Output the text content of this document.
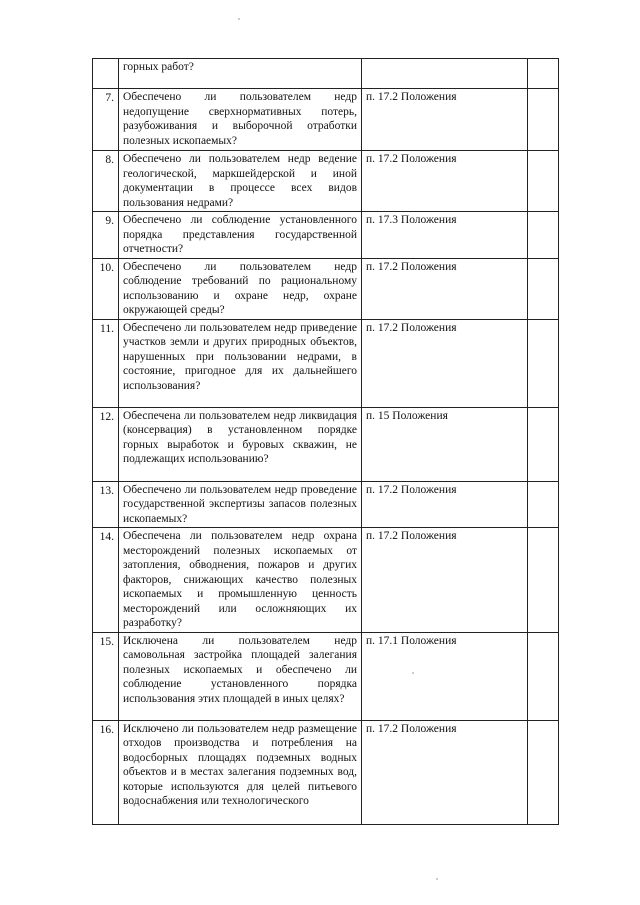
	горных работ?			
7.	Обеспечено ли пользователем недр недопущение сверхнормативных потерь, разубоживания и выборочной отработки полезных ископаемых?	п. 17.2 Положения		
8.	Обеспечено ли пользователем недр ведение геологической, маркшейдерской и иной документации в процессе всех видов пользования недрами?	п. 17.2 Положения		
9.	Обеспечено ли соблюдение установленного порядка представления государственной отчетности?	п. 17.3 Положения		
10.	Обеспечено ли пользователем недр соблюдение требований по рациональному использованию и охране недр, охране окружающей среды?	п. 17.2 Положения		
11.	Обеспечено ли пользователем недр приведение участков земли и других природных объектов, нарушенных при пользовании недрами, в состояние, пригодное для их дальнейшего использования?	п. 17.2 Положения		
12.	Обеспечена ли пользователем недр ликвидация (консервация) в установленном порядке горных выработок и буровых скважин, не подлежащих использованию?	п. 15 Положения		
13.	Обеспечено ли пользователем недр проведение государственной экспертизы запасов полезных ископаемых?	п. 17.2 Положения		
14.	Обеспечена ли пользователем недр охрана месторождений полезных ископаемых от затопления, обводнения, пожаров и других факторов, снижающих качество полезных ископаемых и промышленную ценность месторождений или осложняющих их разработку?	п. 17.2 Положения		
15.	Исключена ли пользователем недр самовольная застройка площадей залегания полезных ископаемых и обеспечено ли соблюдение установленного порядка использования этих площадей в иных целях?	п. 17.1 Положения		
16.	Исключено ли пользователем недр размещение отходов производства и потребления на водосборных площадях подземных водных объектов и в местах залегания подземных вод, которые используются для целей питьевого водоснабжения или технологического	п. 17.2 Положения		
